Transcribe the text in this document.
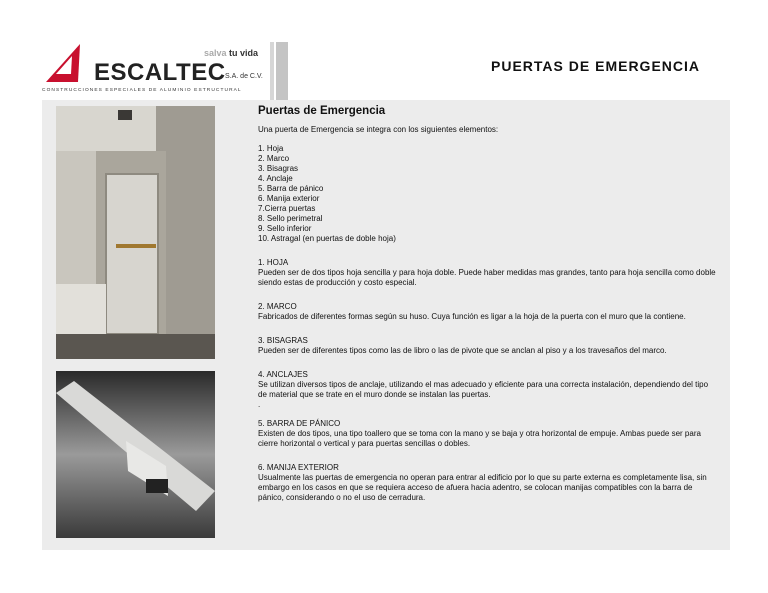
salva tu vida
ESCALTEC S.A. de C.V.
CONSTRUCCIONES ESPECIALES DE ALUMINIO ESTRUCTURAL
PUERTAS DE EMERGENCIA
Puertas de Emergencia

Una puerta de Emergencia se integra con los siguientes elementos:

1. Hoja
2. Marco
3. Bisagras
4. Anclaje
5. Barra de pánico
6. Manija exterior
7.Cierra puertas
8. Sello perimetral
9. Sello inferior
10. Astragal (en puertas de doble hoja)

1. HOJA

Pueden ser de dos tipos hoja sencilla y para hoja doble. Puede haber medidas mas grandes, tanto para hoja sencilla como doble siendo estas de producción y costo especial.

2. MARCO

Fabricados de diferentes formas según su huso. Cuya función es ligar a la hoja de la puerta con el muro que la contiene.

3. BISAGRAS

Pueden ser de diferentes tipos como las de libro o las de pivote que se anclan al piso y a los travesaños del marco.

4. ANCLAJES

Se utilizan diversos tipos de anclaje, utilizando el mas adecuado y eficiente para una correcta instalación, dependiendo del tipo de material que se trate en el muro donde se instalan las puertas.

.

5. BARRA DE PÁNICO

Existen de dos tipos, una tipo toallero que se toma con la mano y se baja y otra horizontal de empuje. Ambas puede ser para cierre horizontal o vertical y para puertas sencillas o dobles.

6. MANIJA EXTERIOR

Usualmente las puertas de emergencia no operan para entrar al edificio por lo que su parte externa es completamente lisa, sin embargo en los casos en que se requiera acceso de afuera hacia adentro, se colocan manijas compatibles con la barra de pánico, considerando o no el uso de cerradura.
